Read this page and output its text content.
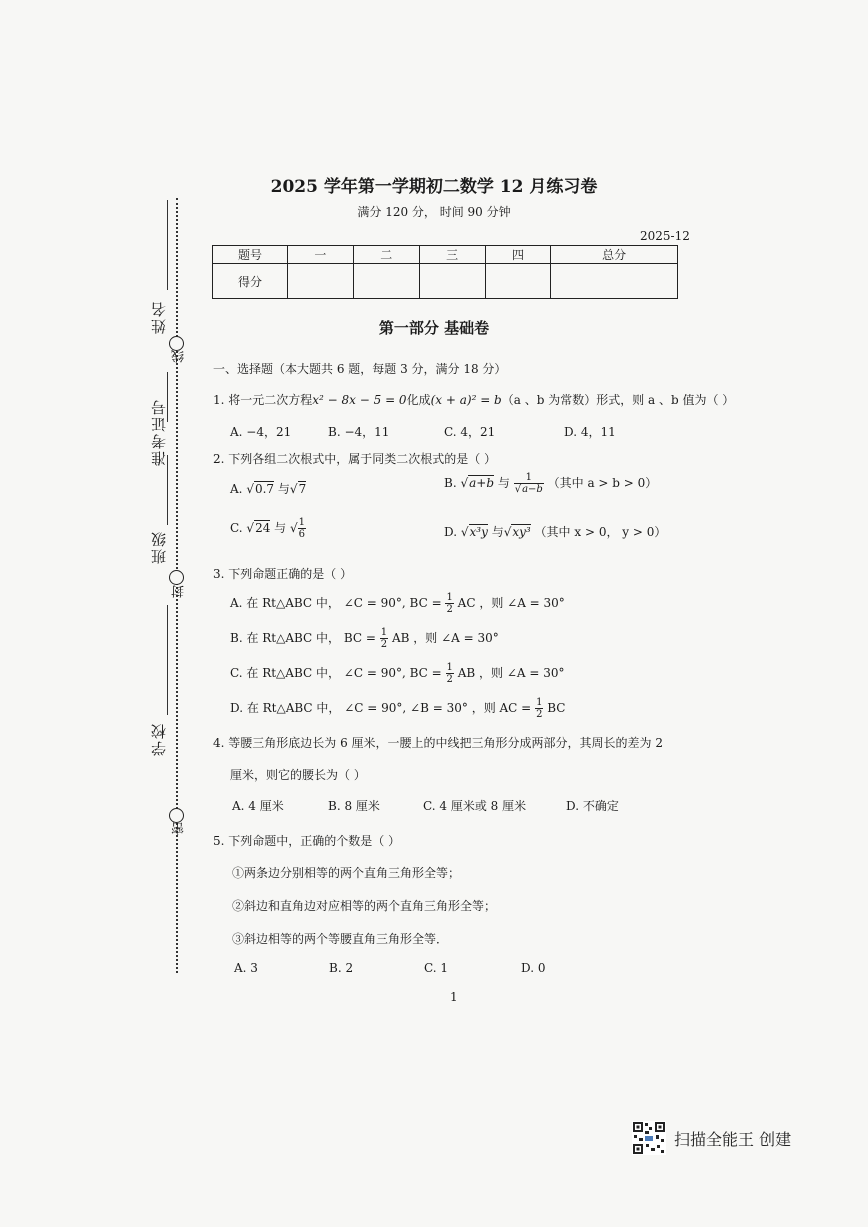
姓名
线
准考证号
班级
封
学校
密
2025 学年第一学期初二数学 12 月练习卷
满分 120 分， 时间 90 分钟
2025-12
题号	一	二	三	四	总分
得分					
第一部分 基础卷
一、选择题（本大题共 6 题，每题 3 分，满分 18 分）
1. 将一元二次方程x² − 8x − 5 = 0化成(x + a)² = b（a 、b 为常数）形式，则 a 、b 值为（ ）
A. −4，21	B. −4，11	C. 4，21	D. 4，11
2. 下列各组二次根式中，属于同类二次根式的是（ ）
A. √0.7 与√7	B. √a+b 与 $\frac{1}{√a-b}$ （其中 a > b > 0）
C. √24 与 √ $\frac{1}{6}$	D. √x³y 与√xy³ （其中 x > 0， y > 0）
3. 下列命题正确的是（ ）
A. 在 Rt△ABC 中， ∠C = 90°, BC = $\frac{1}{2}$ AC ，则 ∠A = 30°
B. 在 Rt△ABC 中， BC = $\frac{1}{2}$ AB ，则 ∠A = 30°
C. 在 Rt△ABC 中， ∠C = 90°, BC = $\frac{1}{2}$ AB ，则 ∠A = 30°
D. 在 Rt△ABC 中， ∠C = 90°, ∠B = 30° ，则 AC = $\frac{1}{2}$ BC
4. 等腰三角形底边长为 6 厘米，一腰上的中线把三角形分成两部分，其周长的差为 2
厘米，则它的腰长为（ ）
A. 4 厘米	B. 8 厘米	C. 4 厘米或 8 厘米	D. 不确定
5. 下列命题中，正确的个数是（ ）
①两条边分别相等的两个直角三角形全等；
②斜边和直角边对应相等的两个直角三角形全等；
③斜边相等的两个等腰直角三角形全等．
A. 3	B. 2	C. 1	D. 0
1
扫描全能王 创建
